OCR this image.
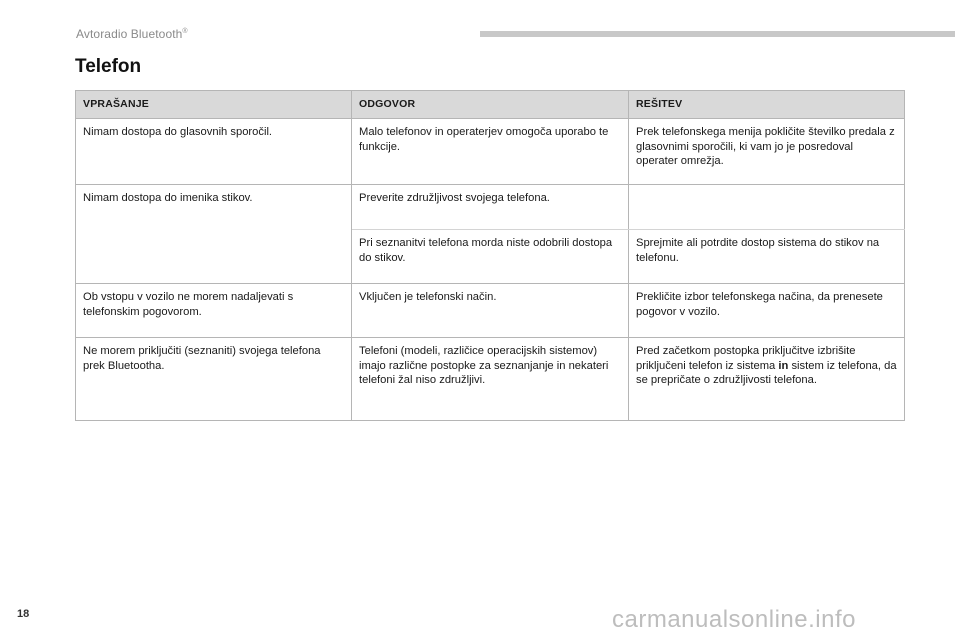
Avtoradio Bluetooth®
Telefon
VPRAŠANJE	ODGOVOR	REŠITEV
Nimam dostopa do glasovnih sporočil.	Malo telefonov in operaterjev omogoča uporabo te funkcije.	Prek telefonskega menija pokličite številko predala z glasovnimi sporočili, ki vam jo je posredoval operater omrežja.
Nimam dostopa do imenika stikov.	Preverite združljivost svojega telefona.	
	Pri seznanitvi telefona morda niste odobrili dostopa do stikov.	Sprejmite ali potrdite dostop sistema do stikov na telefonu.
Ob vstopu v vozilo ne morem nadaljevati s telefonskim pogovorom.	Vključen je telefonski način.	Prekličite izbor telefonskega načina, da prenesete pogovor v vozilo.
Ne morem priključiti (seznaniti) svojega telefona prek Bluetootha.	Telefoni (modeli, različice operacijskih sistemov) imajo različne postopke za seznanjanje in nekateri telefoni žal niso združljivi.	Pred začetkom postopka priključitve izbrišite priključeni telefon iz sistema in sistem iz telefona, da se prepričate o združljivosti telefona.
18	carmanualsonline.info
